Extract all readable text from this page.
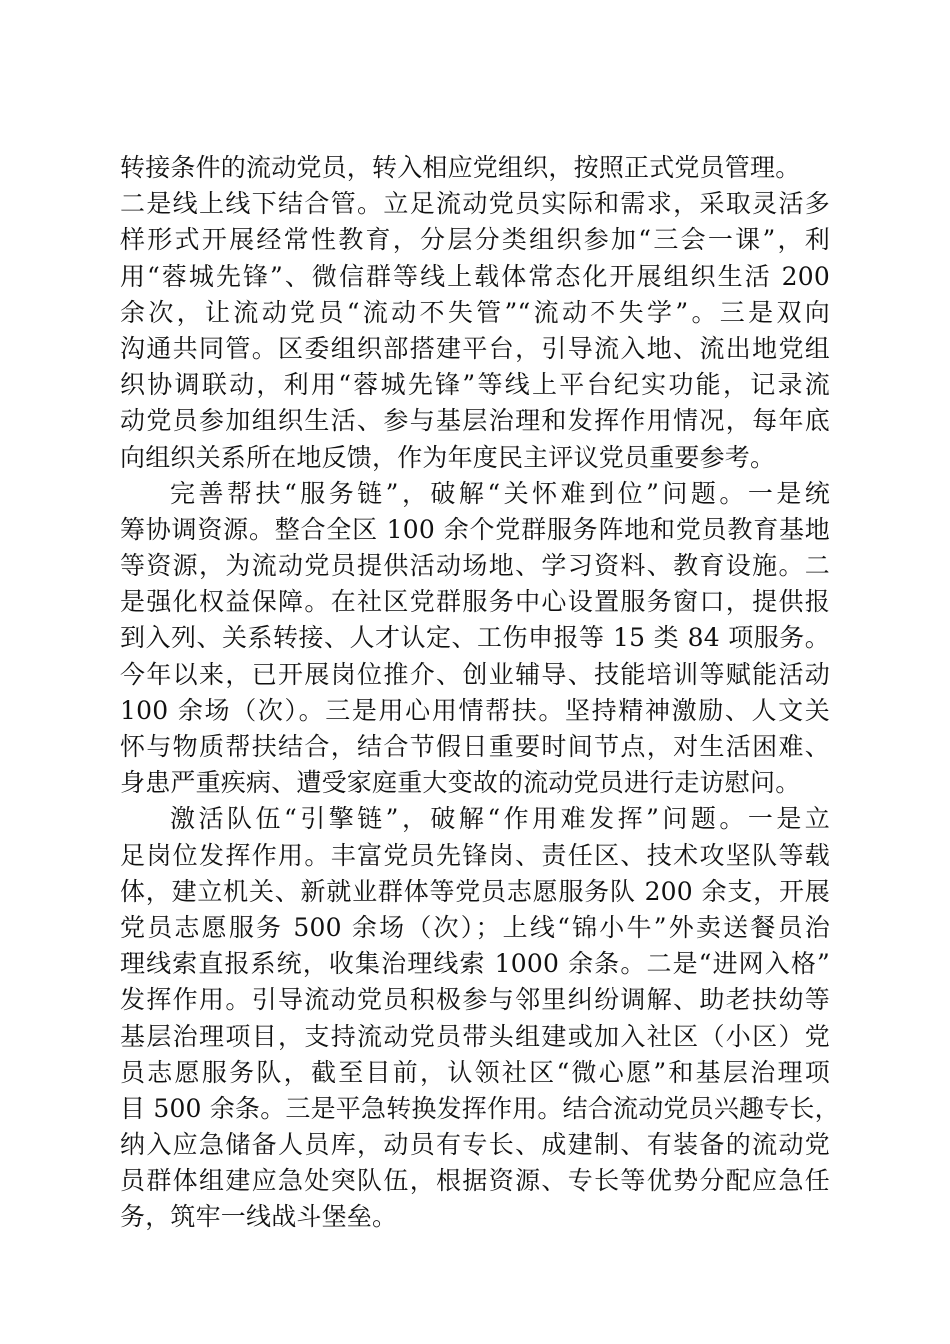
转接条件的流动党员，转入相应党组织，按照正式党员管理。
二是线上线下结合管。立足流动党员实际和需求，采取灵活多
样形式开展经常性教育，分层分类组织参加“三会一课”，利
用“蓉城先锋”、微信群等线上载体常态化开展组织生活 200
余次，让流动党员“流动不失管”“流动不失学”。三是双向
沟通共同管。区委组织部搭建平台，引导流入地、流出地党组
织协调联动，利用“蓉城先锋”等线上平台纪实功能，记录流
动党员参加组织生活、参与基层治理和发挥作用情况，每年底
向组织关系所在地反馈，作为年度民主评议党员重要参考。
完善帮扶“服务链”，破解“关怀难到位”问题。一是统
筹协调资源。整合全区 100 余个党群服务阵地和党员教育基地
等资源，为流动党员提供活动场地、学习资料、教育设施。二
是强化权益保障。在社区党群服务中心设置服务窗口，提供报
到入列、关系转接、人才认定、工伤申报等 15 类 84 项服务。
今年以来，已开展岗位推介、创业辅导、技能培训等赋能活动
100 余场（次）。三是用心用情帮扶。坚持精神激励、人文关
怀与物质帮扶结合，结合节假日重要时间节点，对生活困难、
身患严重疾病、遭受家庭重大变故的流动党员进行走访慰问。
激活队伍“引擎链”，破解“作用难发挥”问题。一是立
足岗位发挥作用。丰富党员先锋岗、责任区、技术攻坚队等载
体，建立机关、新就业群体等党员志愿服务队 200 余支，开展
党员志愿服务 500 余场（次）；上线“锦小牛”外卖送餐员治
理线索直报系统，收集治理线索 1000 余条。二是“进网入格”
发挥作用。引导流动党员积极参与邻里纠纷调解、助老扶幼等
基层治理项目，支持流动党员带头组建或加入社区（小区）党
员志愿服务队，截至目前，认领社区“微心愿”和基层治理项
目 500 余条。三是平急转换发挥作用。结合流动党员兴趣专长，
纳入应急储备人员库，动员有专长、成建制、有装备的流动党
员群体组建应急处突队伍，根据资源、专长等优势分配应急任
务，筑牢一线战斗堡垒。
